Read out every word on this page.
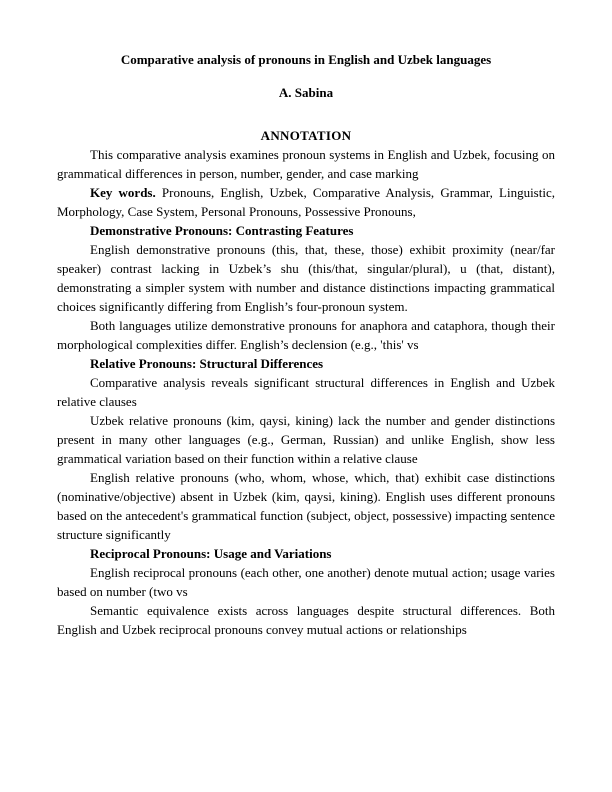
Comparative analysis of pronouns in English and Uzbek languages
A. Sabina
ANNOTATION

This comparative analysis examines pronoun systems in English and Uzbek, focusing on grammatical differences in person, number, gender, and case marking

Key words. Pronouns, English, Uzbek, Comparative Analysis, Grammar, Linguistic, Morphology, Case System, Personal Pronouns, Possessive Pronouns,

Demonstrative Pronouns: Contrasting Features

English demonstrative pronouns (this, that, these, those) exhibit proximity (near/far speaker) contrast lacking in Uzbek’s shu (this/that, singular/plural), u (that, distant), demonstrating a simpler system with number and distance distinctions impacting grammatical choices significantly differing from English’s four-pronoun system.

Both languages utilize demonstrative pronouns for anaphora and cataphora, though their morphological complexities differ. English’s declension (e.g., 'this' vs

Relative Pronouns: Structural Differences

Comparative analysis reveals significant structural differences in English and Uzbek relative clauses

Uzbek relative pronouns (kim, qaysi, kining) lack the number and gender distinctions present in many other languages (e.g., German, Russian) and unlike English, show less grammatical variation based on their function within a relative clause

English relative pronouns (who, whom, whose, which, that) exhibit case distinctions (nominative/objective) absent in Uzbek (kim, qaysi, kining). English uses different pronouns based on the antecedent's grammatical function (subject, object, possessive) impacting sentence structure significantly

Reciprocal Pronouns: Usage and Variations

English reciprocal pronouns (each other, one another) denote mutual action; usage varies based on number (two vs

Semantic equivalence exists across languages despite structural differences. Both English and Uzbek reciprocal pronouns convey mutual actions or relationships
